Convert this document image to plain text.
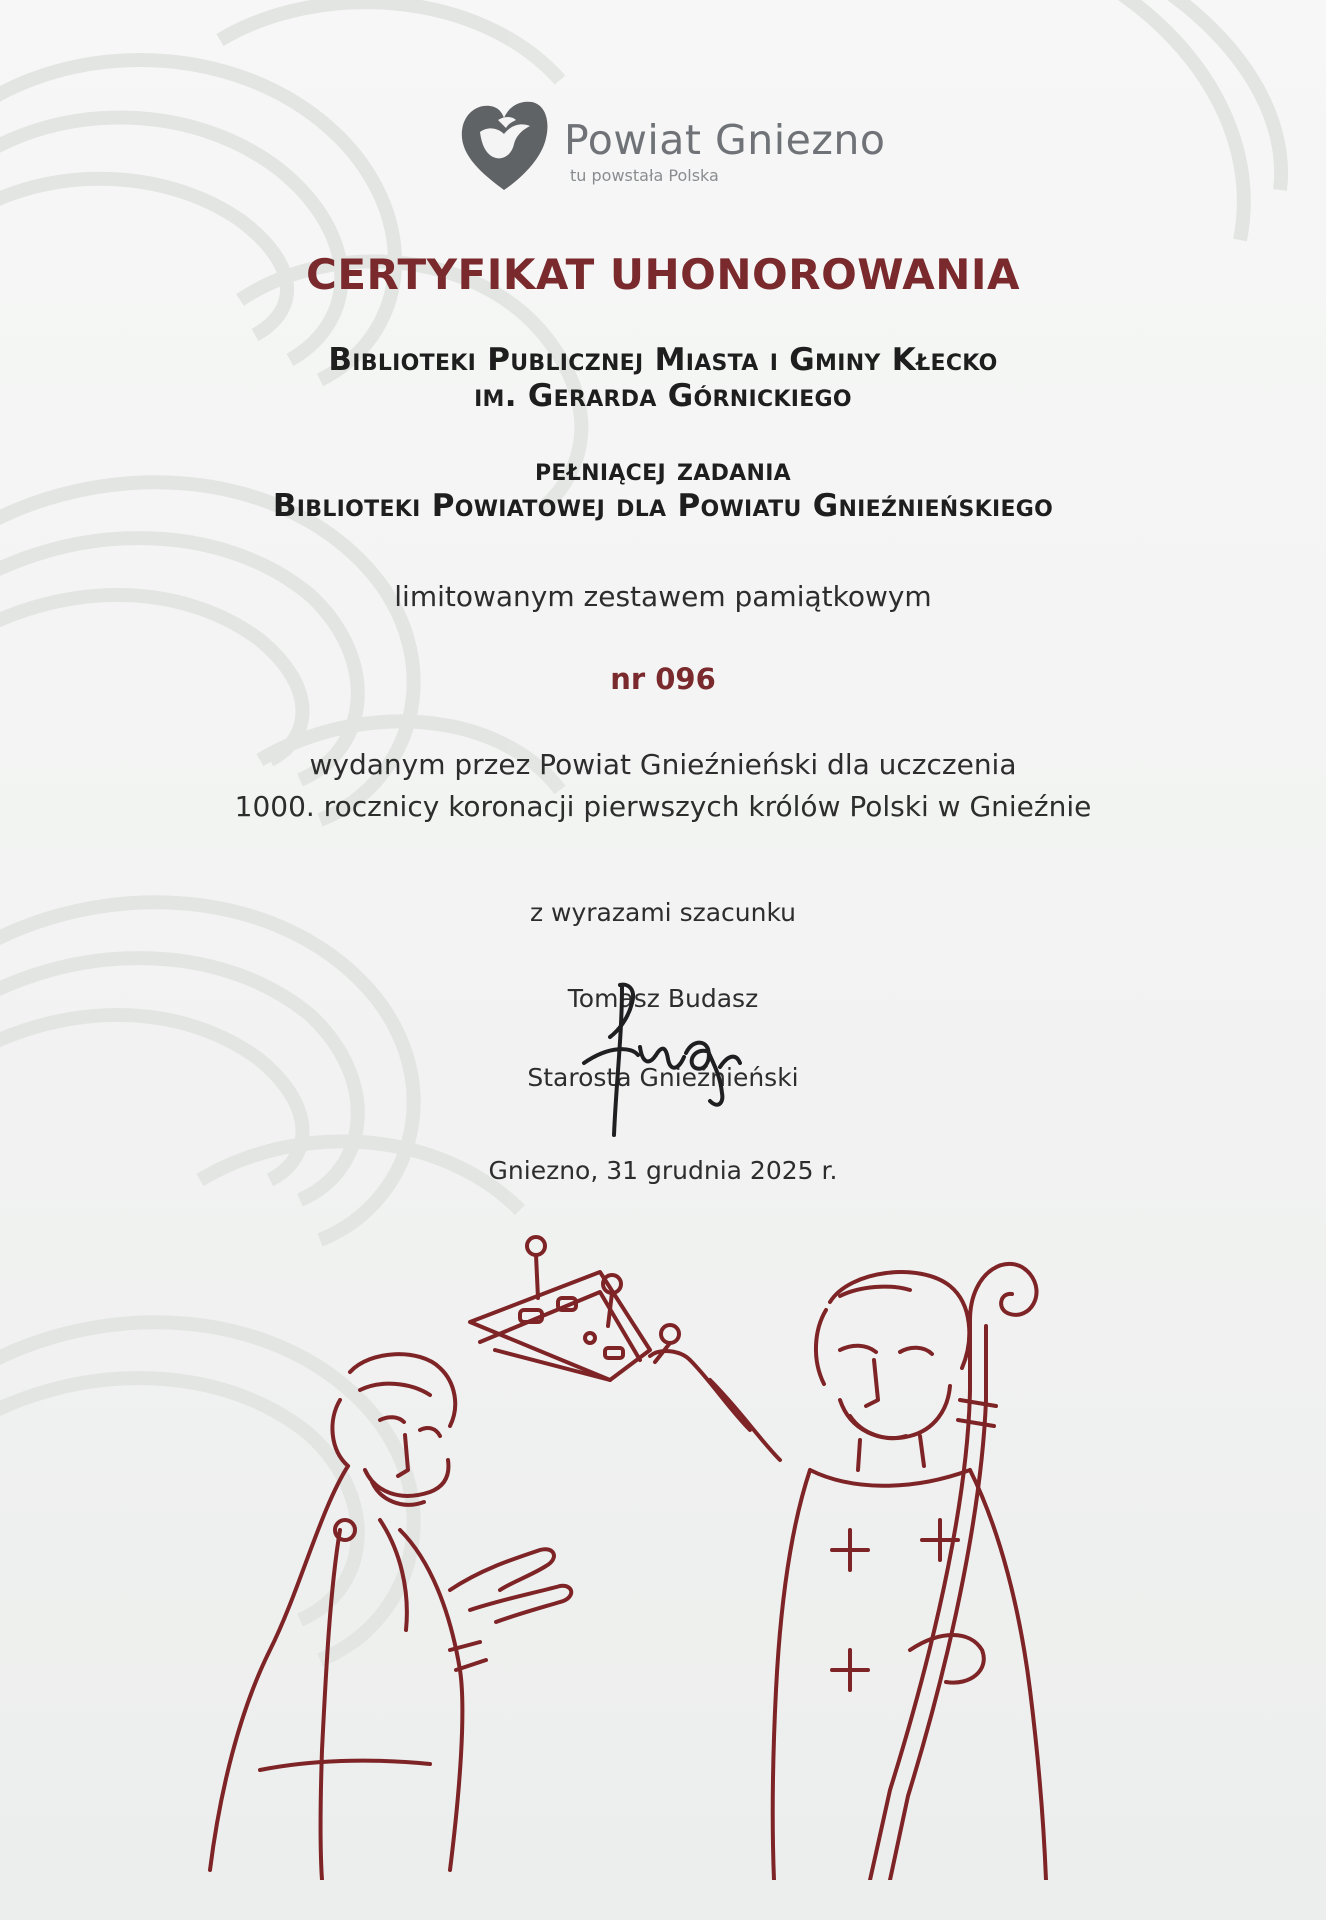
Powiat Gniezno
tu powstała Polska
CERTYFIKAT UHONOROWANIA
Biblioteki Publicznej Miasta i Gminy Kłecko
im. Gerarda Górnickiego
pełniącej zadania
Biblioteki Powiatowej dla Powiatu Gnieźnieńskiego
limitowanym zestawem pamiątkowym
nr 096
wydanym przez Powiat Gnieźnieński dla uczczenia
1000. rocznicy koronacji pierwszych królów Polski w Gnieźnie
z wyrazami szacunku
Tomasz Budasz
Starosta Gnieźnieński
Gniezno, 31 grudnia 2025 r.
